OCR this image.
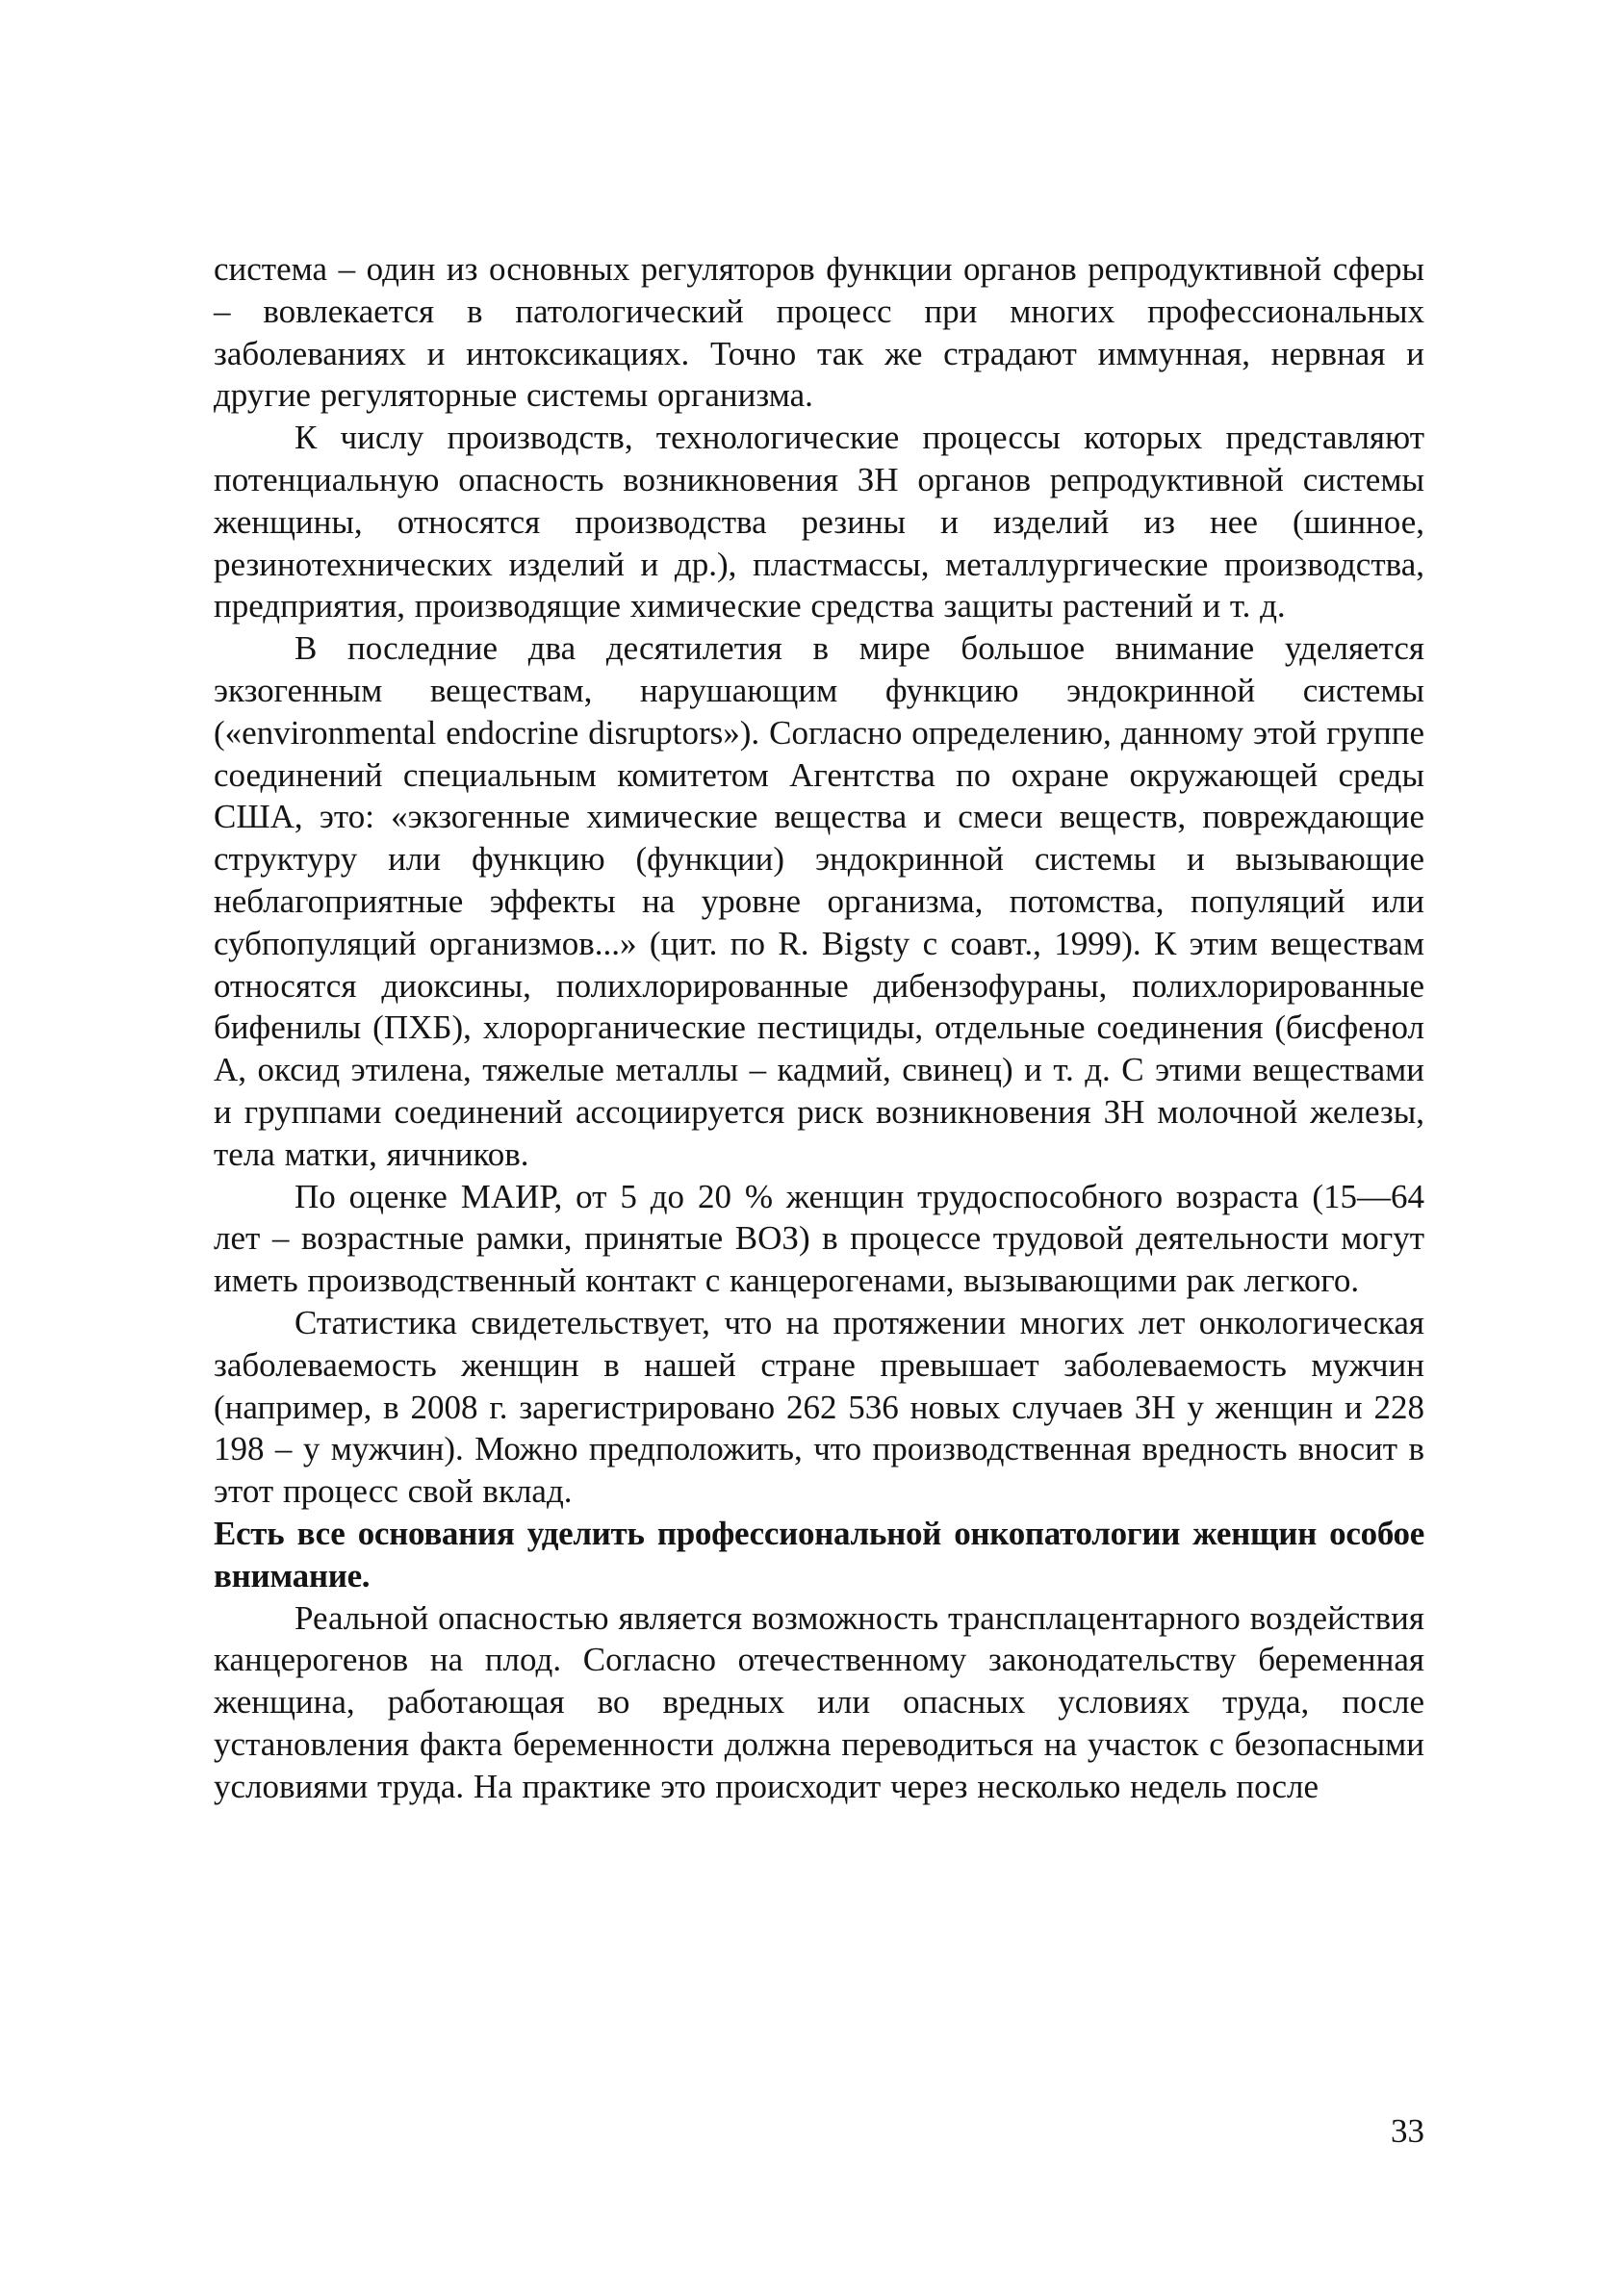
система – один из основных регуляторов функции органов репродуктивной сферы – вовлекается в патологический процесс при многих профессиональных заболеваниях и интоксикациях. Точно так же страдают иммунная, нервная и другие регуляторные системы организма.

К числу производств, технологические процессы которых представляют потенциальную опасность возникновения ЗН органов репродуктивной системы женщины, относятся производства резины и изделий из нее (шинное, резинотехнических изделий и др.), пластмассы, металлургические производства, предприятия, производящие химические средства защиты растений и т. д.

В последние два десятилетия в мире большое внимание уделяется экзогенным веществам, нарушающим функцию эндокринной системы («environmental endocrine disruptors»). Согласно определению, данному этой группе соединений специальным комитетом Агентства по охране окружающей среды США, это: «экзогенные химические вещества и смеси веществ, повреждающие структуру или функцию (функции) эндокринной системы и вызывающие неблагоприятные эффекты на уровне организма, потомства, популяций или субпопуляций организмов...» (цит. по R. Bigsty с соавт., 1999). К этим веществам относятся диоксины, полихлорированные дибензофураны, полихлорированные бифенилы (ПХБ), хлорорганические пестициды, отдельные соединения (бисфенол А, оксид этилена, тяжелые металлы – кадмий, свинец) и т. д. С этими веществами и группами соединений ассоциируется риск возникновения ЗН молочной железы, тела матки, яичников.

По оценке МАИР, от 5 до 20 % женщин трудоспособного возраста (15—64 лет – возрастные рамки, принятые ВОЗ) в процессе трудовой деятельности могут иметь производственный контакт с канцерогенами, вызывающими рак легкого.

Статистика свидетельствует, что на протяжении многих лет онкологическая заболеваемость женщин в нашей стране превышает заболеваемость мужчин (например, в 2008 г. зарегистрировано 262 536 новых случаев ЗН у женщин и 228 198 – у мужчин). Можно предположить, что производственная вредность вносит в этот процесс свой вклад.

Есть все основания уделить профессиональной онкопатологии женщин особое внимание.

Реальной опасностью является возможность трансплацентарного воздействия канцерогенов на плод. Согласно отечественному законодательству беременная женщина, работающая во вредных или опасных условиях труда, после установления факта беременности должна переводиться на участок с безопасными условиями труда. На практике это происходит через несколько недель после

33
